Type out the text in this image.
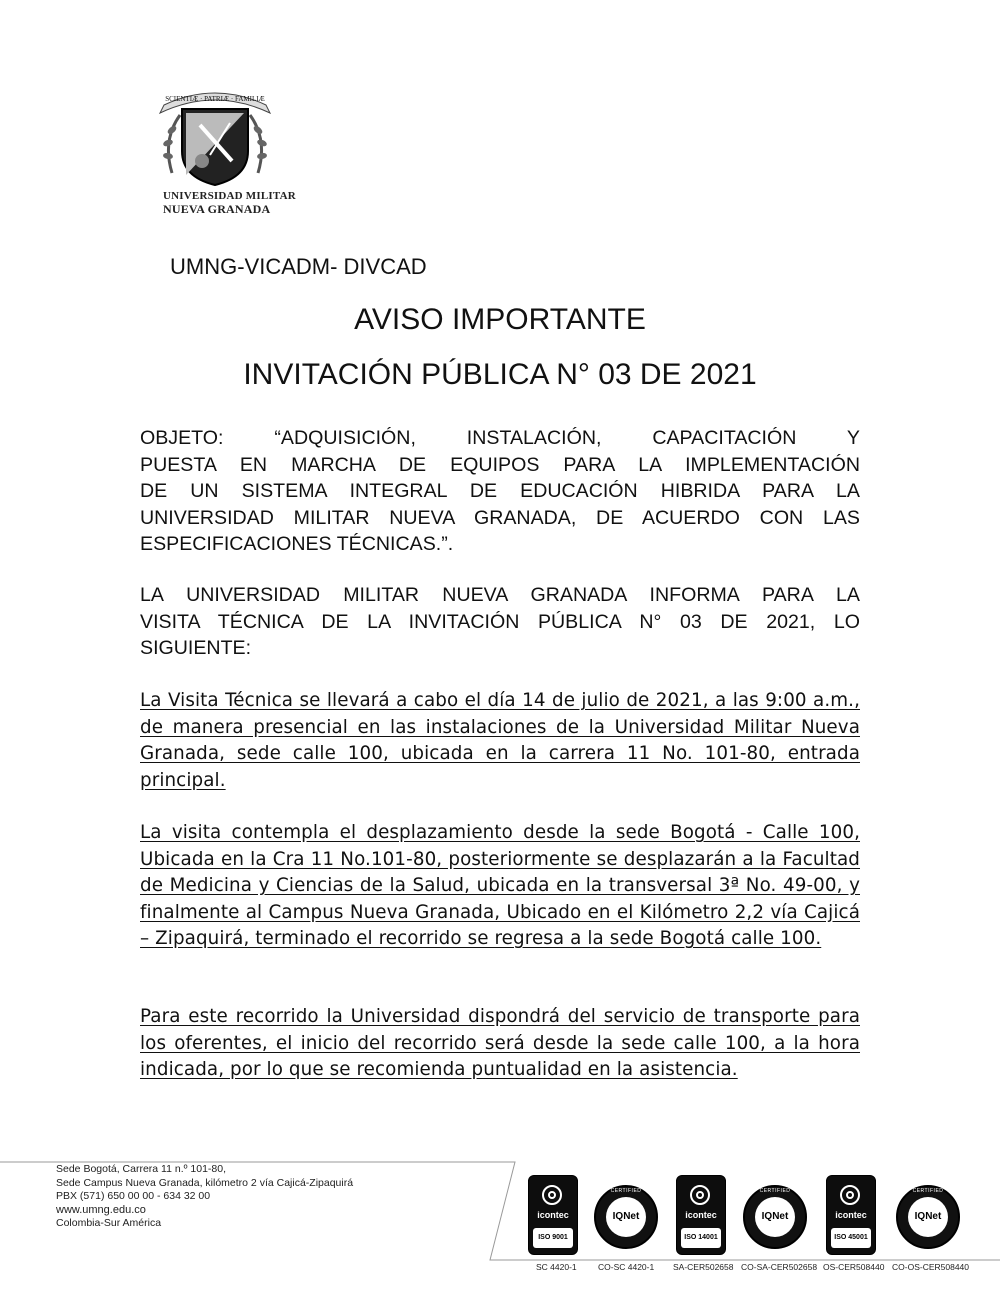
SCIENTIÆ · PATRIÆ · FAMILIÆ
UNIVERSIDAD MILITAR
NUEVA GRANADA
UMNG-VICADM- DIVCAD
AVISO IMPORTANTE
INVITACIÓN PÚBLICA N° 03 DE 2021
OBJETO: “ADQUISICIÓN, INSTALACIÓN, CAPACITACIÓN Y
PUESTA EN MARCHA DE EQUIPOS PARA LA IMPLEMENTACIÓN
DE UN SISTEMA INTEGRAL DE EDUCACIÓN HIBRIDA PARA LA
UNIVERSIDAD MILITAR NUEVA GRANADA, DE ACUERDO CON LAS
ESPECIFICACIONES TÉCNICAS.”.
LA UNIVERSIDAD MILITAR NUEVA GRANADA INFORMA PARA LA
VISITA TÉCNICA DE LA INVITACIÓN PÚBLICA N° 03 DE 2021, LO
SIGUIENTE:
La Visita Técnica se llevará a cabo el día 14 de julio de 2021, a las 9:00 a.m., de manera presencial en las instalaciones de la Universidad Militar Nueva Granada, sede calle 100, ubicada en la carrera 11 No. 101-80, entrada principal.
La visita contempla el desplazamiento desde la sede Bogotá - Calle 100, Ubicada en la Cra 11 No.101-80, posteriormente se desplazarán a la Facultad de Medicina y Ciencias de la Salud, ubicada en la transversal 3ª No. 49-00, y finalmente al Campus Nueva Granada, Ubicado en el Kilómetro 2,2 vía Cajicá – Zipaquirá, terminado el recorrido se regresa a la sede Bogotá calle 100.
Para este recorrido la Universidad dispondrá del servicio de transporte para los oferentes, el inicio del recorrido será desde la sede calle 100, a la hora indicada, por lo que se recomienda puntualidad en la asistencia.
Sede Bogotá, Carrera 11 n.º 101-80,
Sede Campus Nueva Granada, kilómetro 2 vía Cajicá-Zipaquirá
PBX (571) 650 00 00 - 634 32 00
www.umng.edu.co
Colombia-Sur América
icontec
ISO 9001
CERTIFIED
IQNet	icontec
ISO 14001
CERTIFIED
IQNet	icontec
ISO 45001
CERTIFIED
IQNet
SC 4420-1	CO-SC 4420-1 SA-CER502658 CO-SA-CER502658 OS-CER508440 CO-OS-CER508440
